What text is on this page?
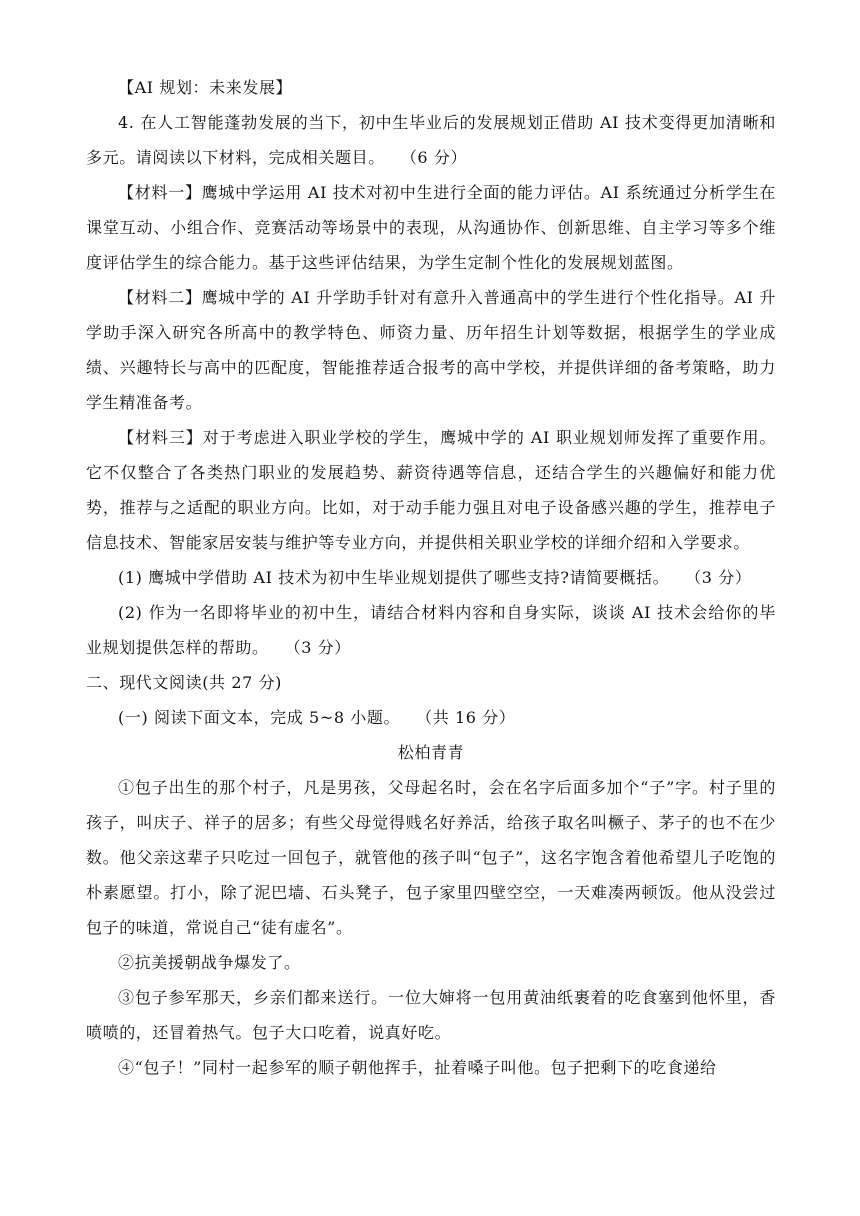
【AI 规划：未来发展】

4. 在人工智能蓬勃发展的当下，初中生毕业后的发展规划正借助 AI 技术变得更加清晰和多元。请阅读以下材料，完成相关题目。 （6 分）

【材料一】鹰城中学运用 AI 技术对初中生进行全面的能力评估。AI 系统通过分析学生在课堂互动、小组合作、竞赛活动等场景中的表现，从沟通协作、创新思维、自主学习等多个维度评估学生的综合能力。基于这些评估结果，为学生定制个性化的发展规划蓝图。

【材料二】鹰城中学的 AI 升学助手针对有意升入普通高中的学生进行个性化指导。AI 升学助手深入研究各所高中的教学特色、师资力量、历年招生计划等数据，根据学生的学业成绩、兴趣特长与高中的匹配度，智能推荐适合报考的高中学校，并提供详细的备考策略，助力学生精准备考。

【材料三】对于考虑进入职业学校的学生，鹰城中学的 AI 职业规划师发挥了重要作用。它不仅整合了各类热门职业的发展趋势、薪资待遇等信息，还结合学生的兴趣偏好和能力优势，推荐与之适配的职业方向。比如，对于动手能力强且对电子设备感兴趣的学生，推荐电子信息技术、智能家居安装与维护等专业方向，并提供相关职业学校的详细介绍和入学要求。

(1) 鹰城中学借助 AI 技术为初中生毕业规划提供了哪些支持?请简要概括。 （3 分）

(2) 作为一名即将毕业的初中生，请结合材料内容和自身实际，谈谈 AI 技术会给你的毕业规划提供怎样的帮助。 （3 分）

二、现代文阅读(共 27 分)

(一) 阅读下面文本，完成 5~8 小题。 （共 16 分）

松柏青青

①包子出生的那个村子，凡是男孩，父母起名时，会在名字后面多加个“子”字。村子里的孩子，叫庆子、祥子的居多；有些父母觉得贱名好养活，给孩子取名叫橛子、茅子的也不在少数。他父亲这辈子只吃过一回包子，就管他的孩子叫“包子”，这名字饱含着他希望儿子吃饱的朴素愿望。打小，除了泥巴墙、石头凳子，包子家里四壁空空，一天难凑两顿饭。他从没尝过包子的味道，常说自己“徒有虚名”。

②抗美援朝战争爆发了。

③包子参军那天，乡亲们都来送行。一位大婶将一包用黄油纸裹着的吃食塞到他怀里，香喷喷的，还冒着热气。包子大口吃着，说真好吃。

④“包子！”同村一起参军的顺子朝他挥手，扯着嗓子叫他。包子把剩下的吃食递给
